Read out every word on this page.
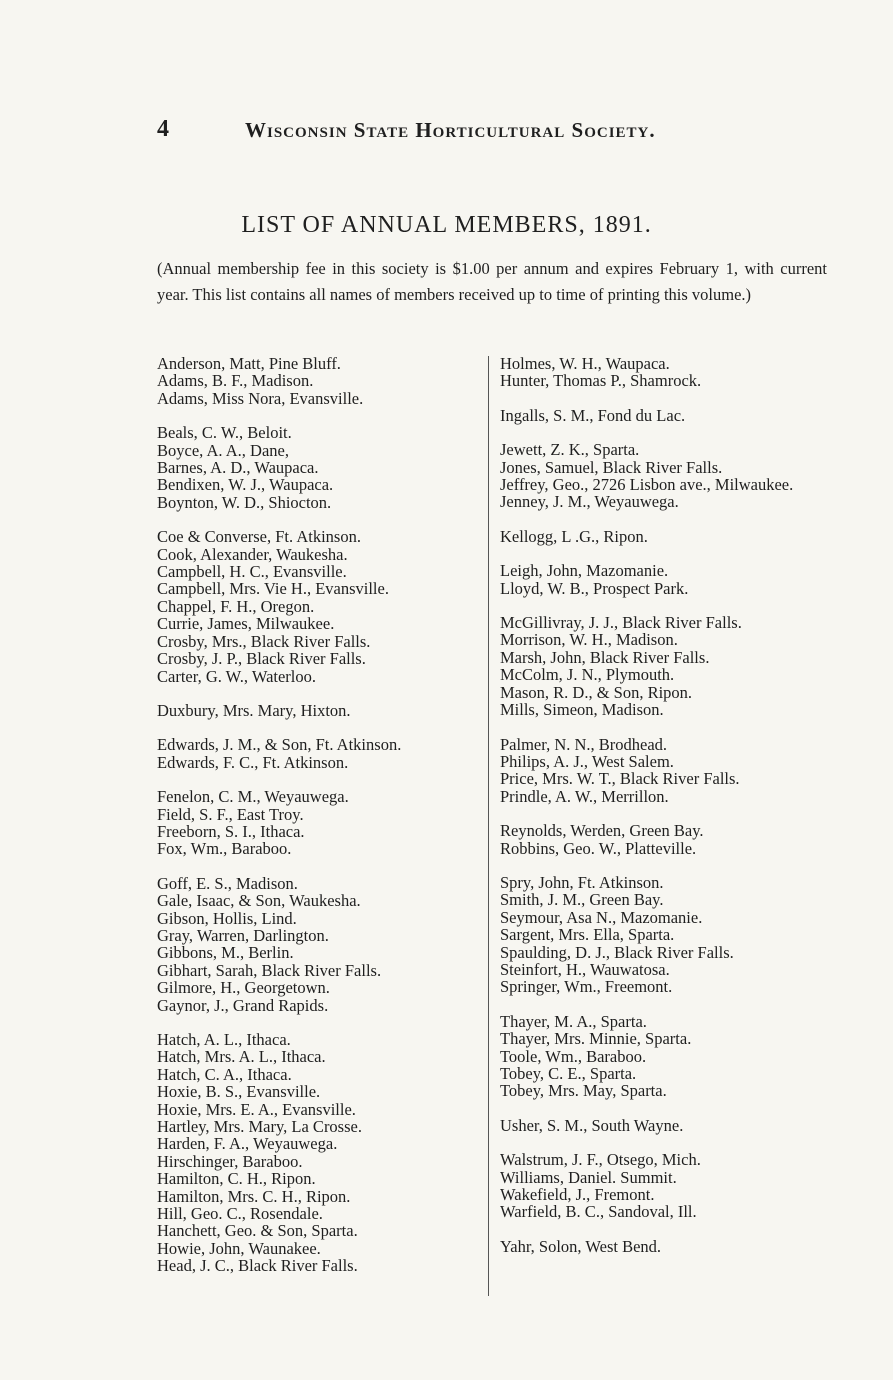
4	Wisconsin State Horticultural Society.
LIST OF ANNUAL MEMBERS, 1891.
(Annual membership fee in this society is $1.00 per annum and expires February 1, with current year. This list contains all names of members received up to time of printing this volume.)
Anderson, Matt, Pine Bluff.
Adams, B. F., Madison.
Adams, Miss Nora, Evansville.
Beals, C. W., Beloit.
Boyce, A. A., Dane,
Barnes, A. D., Waupaca.
Bendixen, W. J., Waupaca.
Boynton, W. D., Shiocton.
Coe & Converse, Ft. Atkinson.
Cook, Alexander, Waukesha.
Campbell, H. C., Evansville.
Campbell, Mrs. Vie H., Evansville.
Chappel, F. H., Oregon.
Currie, James, Milwaukee.
Crosby, Mrs., Black River Falls.
Crosby, J. P., Black River Falls.
Carter, G. W., Waterloo.
Duxbury, Mrs. Mary, Hixton.
Edwards, J. M., & Son, Ft. Atkinson.
Edwards, F. C., Ft. Atkinson.
Fenelon, C. M., Weyauwega.
Field, S. F., East Troy.
Freeborn, S. I., Ithaca.
Fox, Wm., Baraboo.
Goff, E. S., Madison.
Gale, Isaac, & Son, Waukesha.
Gibson, Hollis, Lind.
Gray, Warren, Darlington.
Gibbons, M., Berlin.
Gibhart, Sarah, Black River Falls.
Gilmore, H., Georgetown.
Gaynor, J., Grand Rapids.
Hatch, A. L., Ithaca.
Hatch, Mrs. A. L., Ithaca.
Hatch, C. A., Ithaca.
Hoxie, B. S., Evansville.
Hoxie, Mrs. E. A., Evansville.
Hartley, Mrs. Mary, La Crosse.
Harden, F. A., Weyauwega.
Hirschinger, Baraboo.
Hamilton, C. H., Ripon.
Hamilton, Mrs. C. H., Ripon.
Hill, Geo. C., Rosendale.
Hanchett, Geo. & Son, Sparta.
Howie, John, Waunakee.
Head, J. C., Black River Falls.
Holmes, W. H., Waupaca.
Hunter, Thomas P., Shamrock.
Ingalls, S. M., Fond du Lac.
Jewett, Z. K., Sparta.
Jones, Samuel, Black River Falls.
Jeffrey, Geo., 2726 Lisbon ave., Milwaukee.
Jenney, J. M., Weyauwega.
Kellogg, L .G., Ripon.
Leigh, John, Mazomanie.
Lloyd, W. B., Prospect Park.
McGillivray, J. J., Black River Falls.
Morrison, W. H., Madison.
Marsh, John, Black River Falls.
McColm, J. N., Plymouth.
Mason, R. D., & Son, Ripon.
Mills, Simeon, Madison.
Palmer, N. N., Brodhead.
Philips, A. J., West Salem.
Price, Mrs. W. T., Black River Falls.
Prindle, A. W., Merrillon.
Reynolds, Werden, Green Bay.
Robbins, Geo. W., Platteville.
Spry, John, Ft. Atkinson.
Smith, J. M., Green Bay.
Seymour, Asa N., Mazomanie.
Sargent, Mrs. Ella, Sparta.
Spaulding, D. J., Black River Falls.
Steinfort, H., Wauwatosa.
Springer, Wm., Freemont.
Thayer, M. A., Sparta.
Thayer, Mrs. Minnie, Sparta.
Toole, Wm., Baraboo.
Tobey, C. E., Sparta.
Tobey, Mrs. May, Sparta.
Usher, S. M., South Wayne.
Walstrum, J. F., Otsego, Mich.
Williams, Daniel. Summit.
Wakefield, J., Fremont.
Warfield, B. C., Sandoval, Ill.
Yahr, Solon, West Bend.
